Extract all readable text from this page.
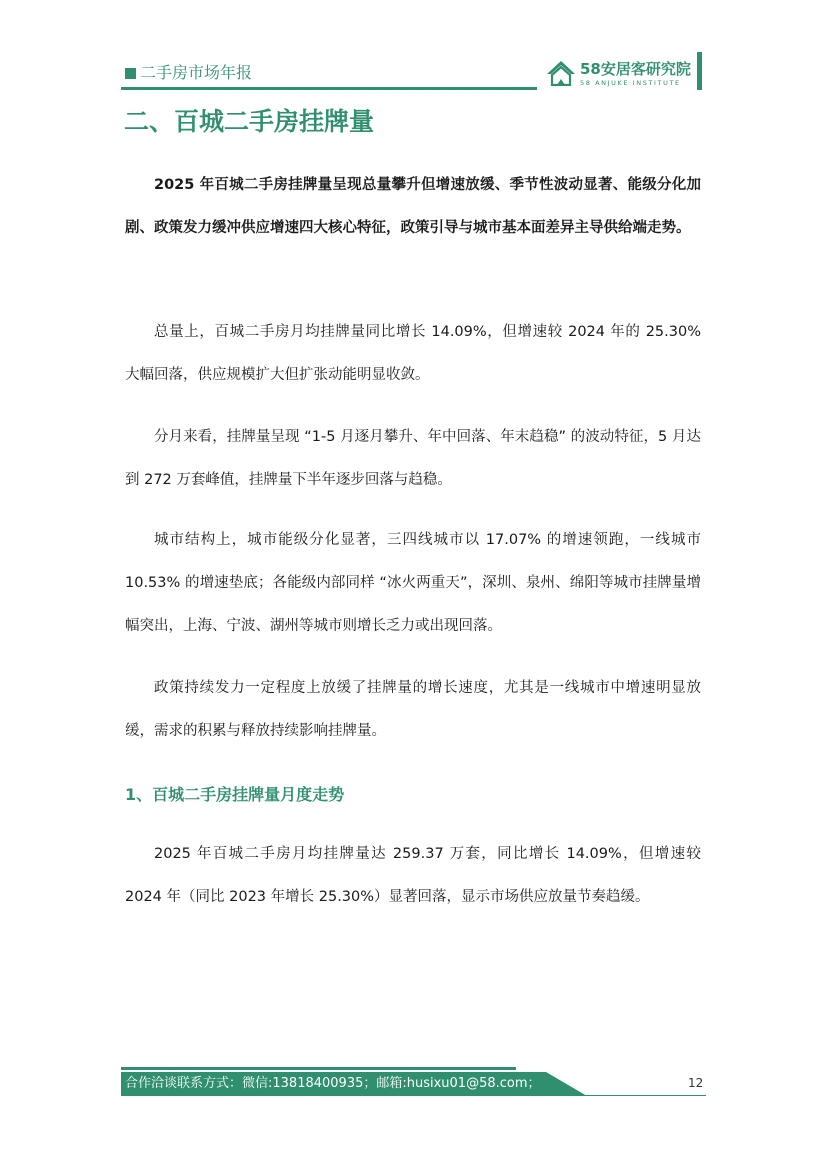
二手房市场年报	58安居客研究院
58 ANJUKE INSTITUTE
二、百城二手房挂牌量

2025 年百城二手房挂牌量呈现总量攀升但增速放缓、季节性波动显著、能级分化加剧、政策发力缓冲供应增速四大核心特征，政策引导与城市基本面差异主导供给端走势。

总量上，百城二手房月均挂牌量同比增长 14.09%，但增速较 2024 年的 25.30% 大幅回落，供应规模扩大但扩张动能明显收敛。

分月来看，挂牌量呈现 “1-5 月逐月攀升、年中回落、年末趋稳” 的波动特征，5 月达到 272 万套峰值，挂牌量下半年逐步回落与趋稳。

城市结构上，城市能级分化显著，三四线城市以 17.07% 的增速领跑，一线城市 10.53% 的增速垫底；各能级内部同样 “冰火两重天”，深圳、泉州、绵阳等城市挂牌量增幅突出，上海、宁波、湖州等城市则增长乏力或出现回落。

政策持续发力一定程度上放缓了挂牌量的增长速度，尤其是一线城市中增速明显放缓，需求的积累与释放持续影响挂牌量。

1、百城二手房挂牌量月度走势

2025 年百城二手房月均挂牌量达 259.37 万套，同比增长 14.09%，但增速较 2024 年（同比 2023 年增长 25.30%）显著回落，显示市场供应放量节奏趋缓。

合作洽谈联系方式：微信:13818400935；邮箱:husixu01@58.com；	12
